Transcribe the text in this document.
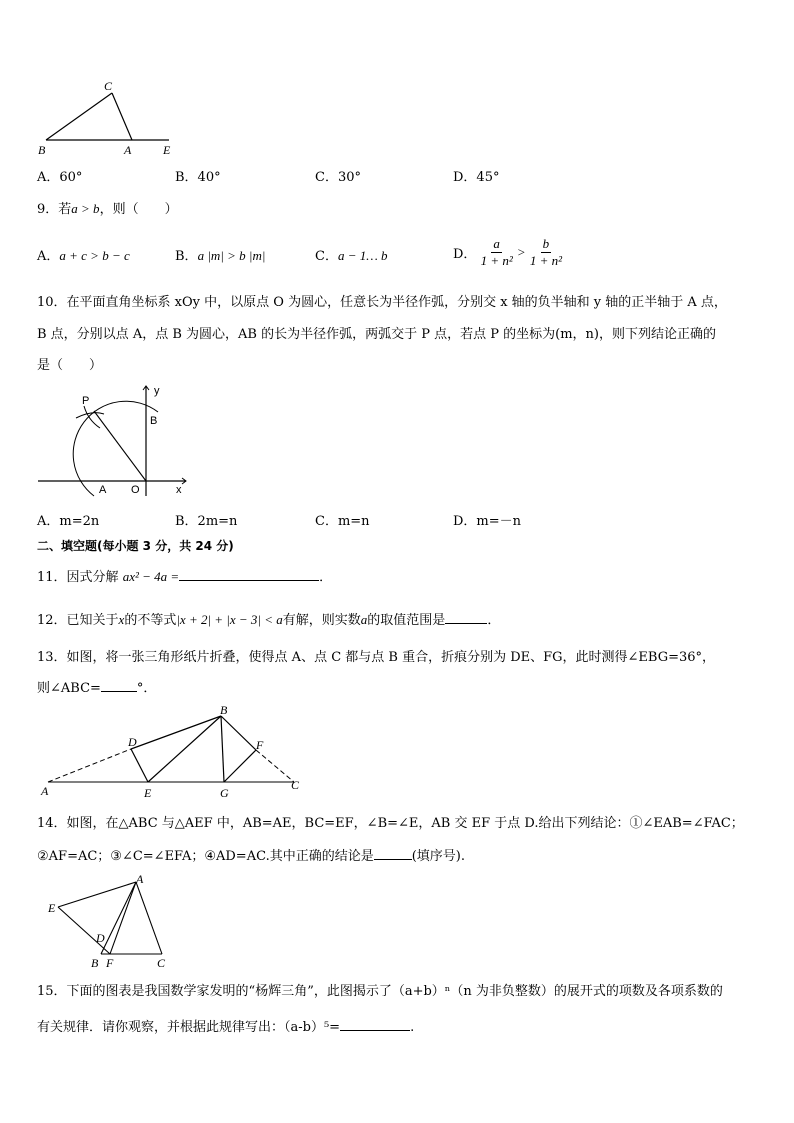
C
B	A	E
A．60°	B．40°	C．30°	D．45°
9．若a > b，则（　　）
A．a + c > b − c	B．a |m| > b |m|	C．a − 1… b	D． $\frac{a}{\text{1 + n²}} > \frac{b}{\text{1 + n²}}$
10．在平面直角坐标系 xOy 中，以原点 O 为圆心，任意长为半径作弧，分别交 x 轴的负半轴和 y 轴的正半轴于 A 点，
B 点，分别以点 A，点 B 为圆心，AB 的长为半径作弧，两弧交于 P 点，若点 P 的坐标为(m，n)，则下列结论正确的
是（　　）
y
P
B
A O	x
A．m=2n	B．2m=n	C．m=n	D．m=－n
二、填空题(每小题 3 分，共 24 分)
11．因式分解 ax² − 4a =	．
12．已知关于x的不等式|x + 2| + |x − 3| < a有解，则实数a的取值范围是	．
13．如图，将一张三角形纸片折叠，使得点 A、点 C 都与点 B 重合，折痕分别为 DE、FG，此时测得∠EBG=36°，
则∠ABC=	°．
B
D	F
A	E	G
C
14．如图，在△ABC 与△AEF 中，AB=AE，BC=EF，∠B=∠E，AB 交 EF 于点 D.给出下列结论：①∠EAB=∠FAC；
②AF=AC；③∠C=∠EFA；④AD=AC.其中正确的结论是	(填序号).
A
E
D
B F	C
15．下面的图表是我国数学家发明的“杨辉三角”，此图揭示了（a+b）ⁿ（n 为非负整数）的展开式的项数及各项系数的
有关规律．请你观察，并根据此规律写出：（a-b）⁵=	.
